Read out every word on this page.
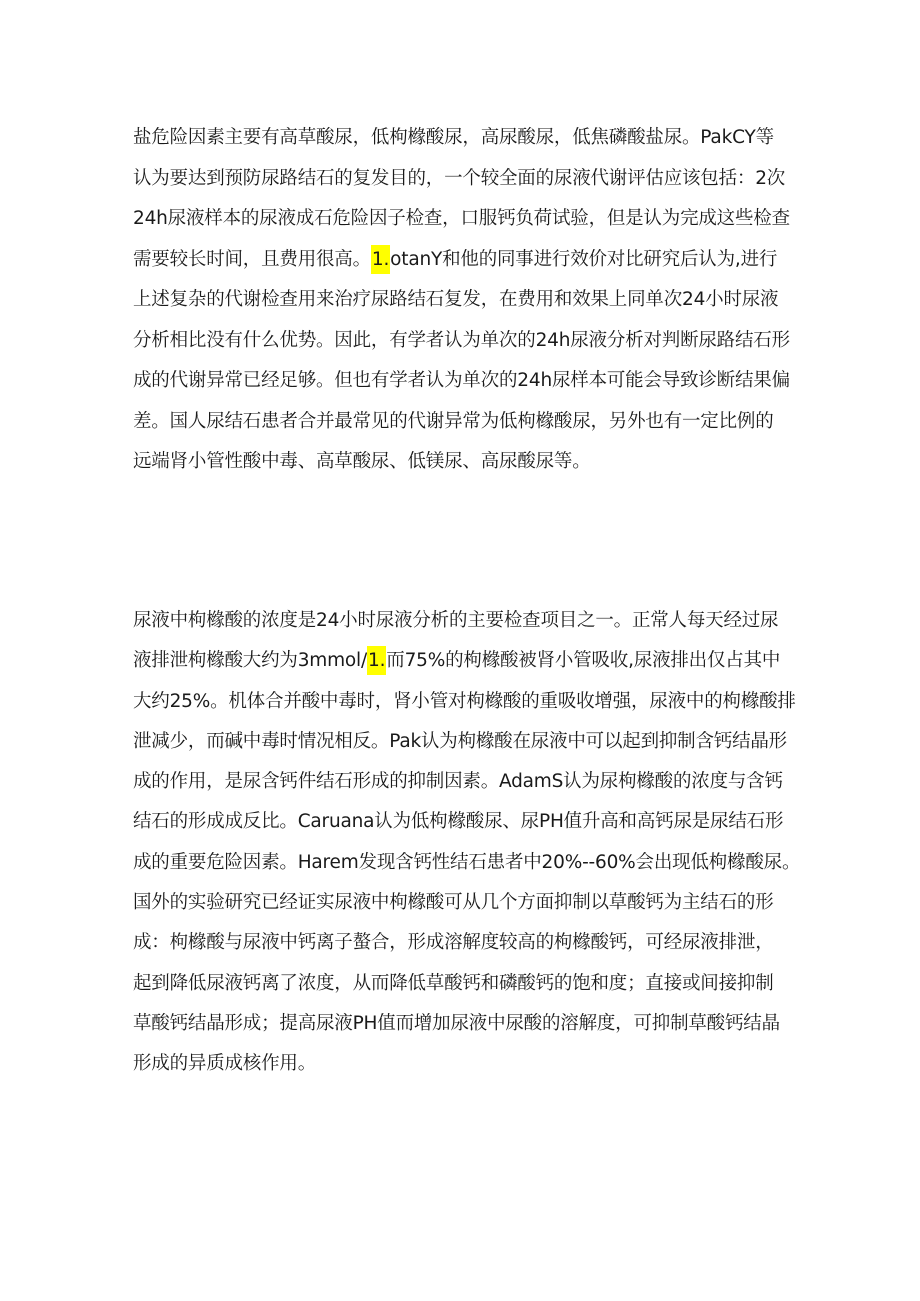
盐危险因素主要有高草酸尿，低枸橼酸尿，高尿酸尿，低焦磷酸盐尿。PakCY等
认为要达到预防尿路结石的复发目的，一个较全面的尿液代谢评估应该包括：2次
24h尿液样本的尿液成石危险因子检查，口服钙负荷试验，但是认为完成这些检查
需要较长时间，且费用很高。1.otanY和他的同事进行效价对比研究后认为,进行
上述复杂的代谢检查用来治疗尿路结石复发，在费用和效果上同单次24小时尿液
分析相比没有什么优势。因此，有学者认为单次的24h尿液分析对判断尿路结石形
成的代谢异常已经足够。但也有学者认为单次的24h尿样本可能会导致诊断结果偏
差。国人尿结石患者合并最常见的代谢异常为低枸橼酸尿，另外也有一定比例的
远端肾小管性酸中毒、高草酸尿、低镁尿、高尿酸尿等。
尿液中枸橼酸的浓度是24小时尿液分析的主要检查项目之一。正常人每天经过尿
液排泄枸橼酸大约为3mmol/1.而75%的枸橼酸被肾小管吸收,尿液排出仅占其中
大约25%。机体合并酸中毒时，肾小管对枸橼酸的重吸收增强，尿液中的枸橼酸排
泄减少，而碱中毒时情况相反。Pak认为枸橼酸在尿液中可以起到抑制含钙结晶形
成的作用，是尿含钙件结石形成的抑制因素。AdamS认为尿枸橼酸的浓度与含钙
结石的形成成反比。Caruana认为低枸橼酸尿、尿PH值升高和高钙尿是尿结石形
成的重要危险因素。Harem发现含钙性结石患者中20%--60%会出现低枸橼酸尿。
国外的实验研究已经证实尿液中枸橼酸可从几个方面抑制以草酸钙为主结石的形
成：枸橼酸与尿液中钙离子螯合，形成溶解度较高的枸橼酸钙，可经尿液排泄，
起到降低尿液钙离了浓度，从而降低草酸钙和磷酸钙的饱和度；直接或间接抑制
草酸钙结晶形成；提高尿液PH值而增加尿液中尿酸的溶解度，可抑制草酸钙结晶
形成的异质成核作用。
